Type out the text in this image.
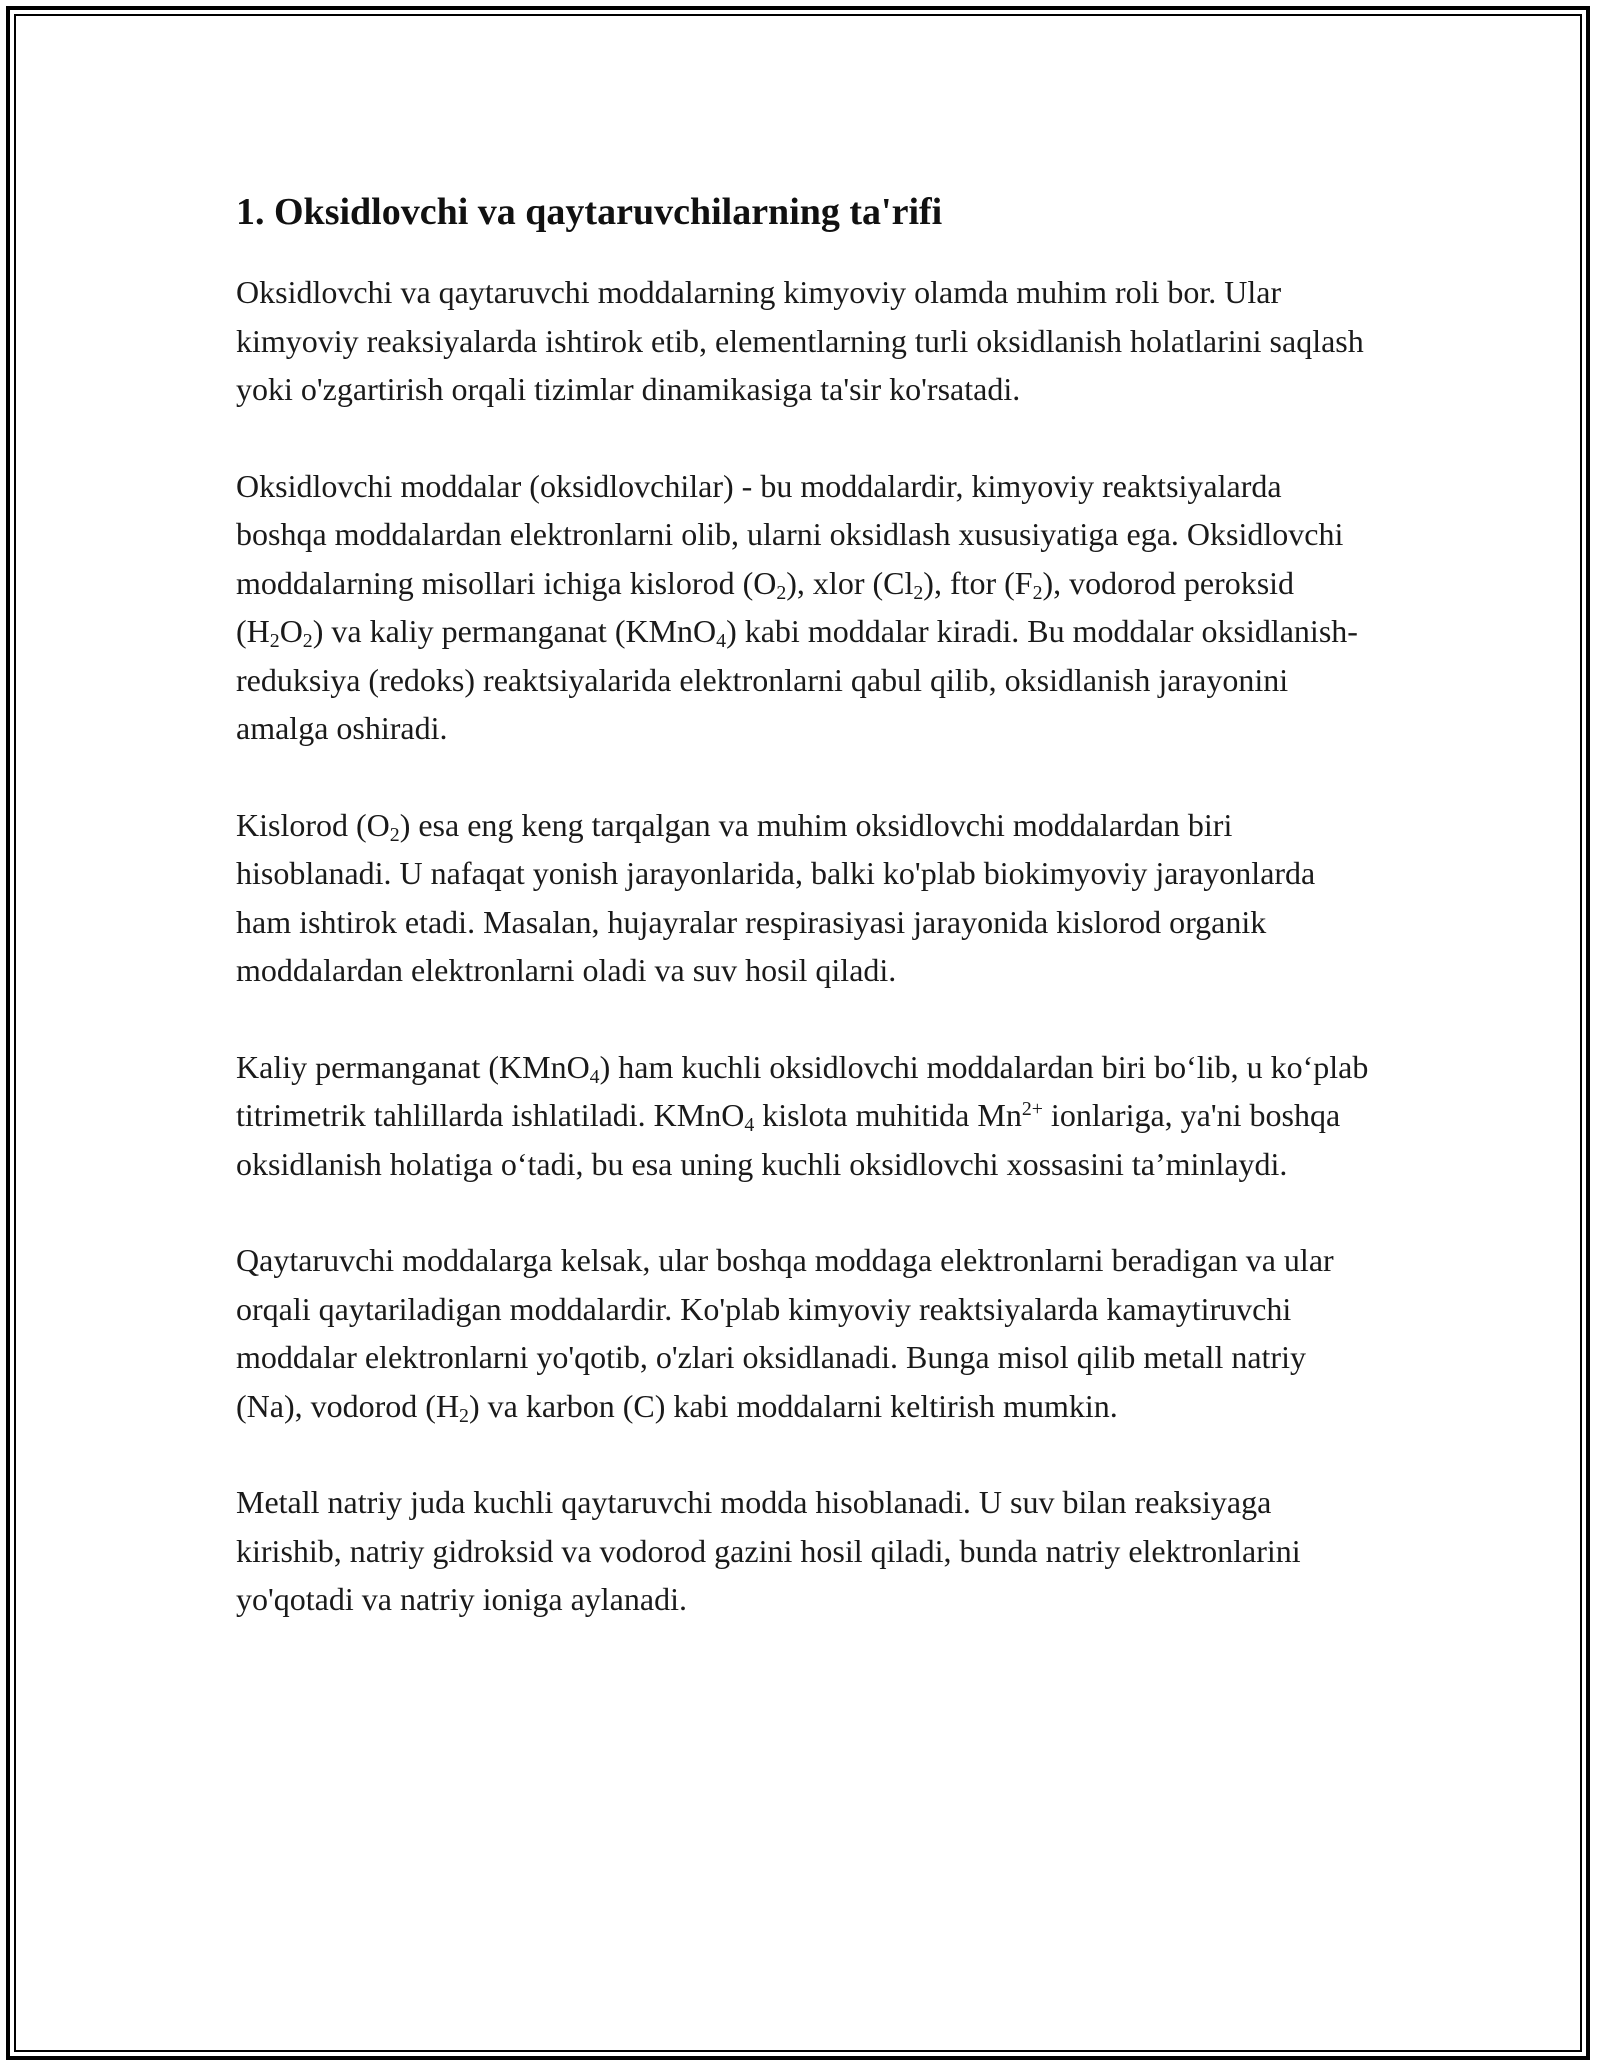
1. Oksidlovchi va qaytaruvchilarning ta'rifi

Oksidlovchi va qaytaruvchi moddalarning kimyoviy olamda muhim roli bor. Ular kimyoviy reaksiyalarda ishtirok etib, elementlarning turli oksidlanish holatlarini saqlash yoki o'zgartirish orqali tizimlar dinamikasiga ta'sir ko'rsatadi.

Oksidlovchi moddalar (oksidlovchilar) - bu moddalardir, kimyoviy reaktsiyalarda boshqa moddalardan elektronlarni olib, ularni oksidlash xususiyatiga ega. Oksidlovchi moddalarning misollari ichiga kislorod $(O_2)$, xlor $(Cl_2)$, ftor $(F_2)$, vodorod peroksid $(H_2O_2)$ va kaliy permanganat (KMnO$_4$) kabi moddalar kiradi. Bu moddalar oksidlanish-reduksiya (redoks) reaktsiyalarida elektronlarni qabul qilib, oksidlanish jarayonini amalga oshiradi.

Kislorod $(O_2)$ esa eng keng tarqalgan va muhim oksidlovchi moddalardan biri hisoblanadi. U nafaqat yonish jarayonlarida, balki ko'plab biokimyoviy jarayonlarda ham ishtirok etadi. Masalan, hujayralar respirasiyasi jarayonida kislorod organik moddalardan elektronlarni oladi va suv hosil qiladi.

Kaliy permanganat (KMnO$_4$) ham kuchli oksidlovchi moddalardan biri bo‘lib, u ko‘plab titrimetrik tahlillarda ishlatiladi. KMnO$_4$ kislota muhitida $Mn^{2+}$ ionlariga, ya'ni boshqa oksidlanish holatiga o‘tadi, bu esa uning kuchli oksidlovchi xossasini ta’minlaydi.

Qaytaruvchi moddalarga kelsak, ular boshqa moddaga elektronlarni beradigan va ular orqali qaytariladigan moddalardir. Ko'plab kimyoviy reaktsiyalarda kamaytiruvchi moddalar elektronlarni yo'qotib, o'zlari oksidlanadi. Bunga misol qilib metall natriy (Na), vodorod $(H_2)$ va karbon (C) kabi moddalarni keltirish mumkin.

Metall natriy juda kuchli qaytaruvchi modda hisoblanadi. U suv bilan reaksiyaga kirishib, natriy gidroksid va vodorod gazini hosil qiladi, bunda natriy elektronlarini yo'qotadi va natriy ioniga aylanadi.
